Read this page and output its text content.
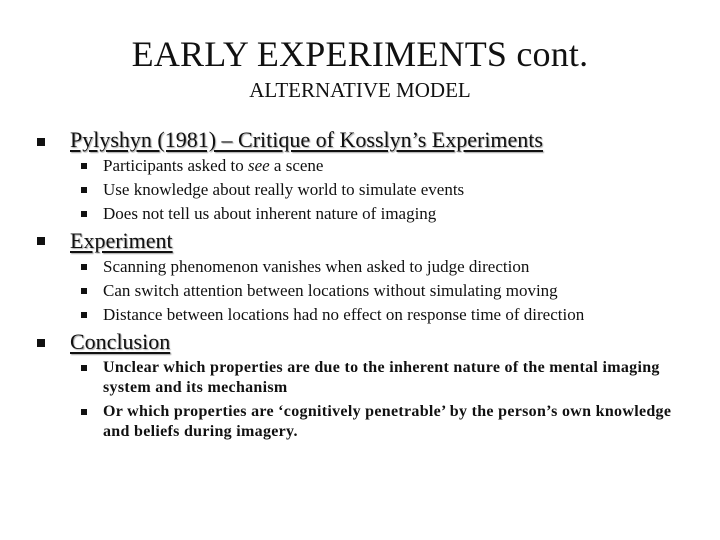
EARLY EXPERIMENTS cont.
ALTERNATIVE MODEL
Pylyshyn (1981) – Critique of Kosslyn’s Experiments
Participants asked to see a scene
Use knowledge about really world to simulate events
Does not tell us about inherent nature of imaging
Experiment
Scanning phenomenon vanishes when asked to judge direction
Can switch attention between locations without simulating moving
Distance between locations had no effect on response time of direction
Conclusion
Unclear which properties are due to the inherent nature of the mental imaging system and its mechanism
Or which properties are ‘cognitively penetrable’ by the person’s own knowledge and beliefs during imagery.
